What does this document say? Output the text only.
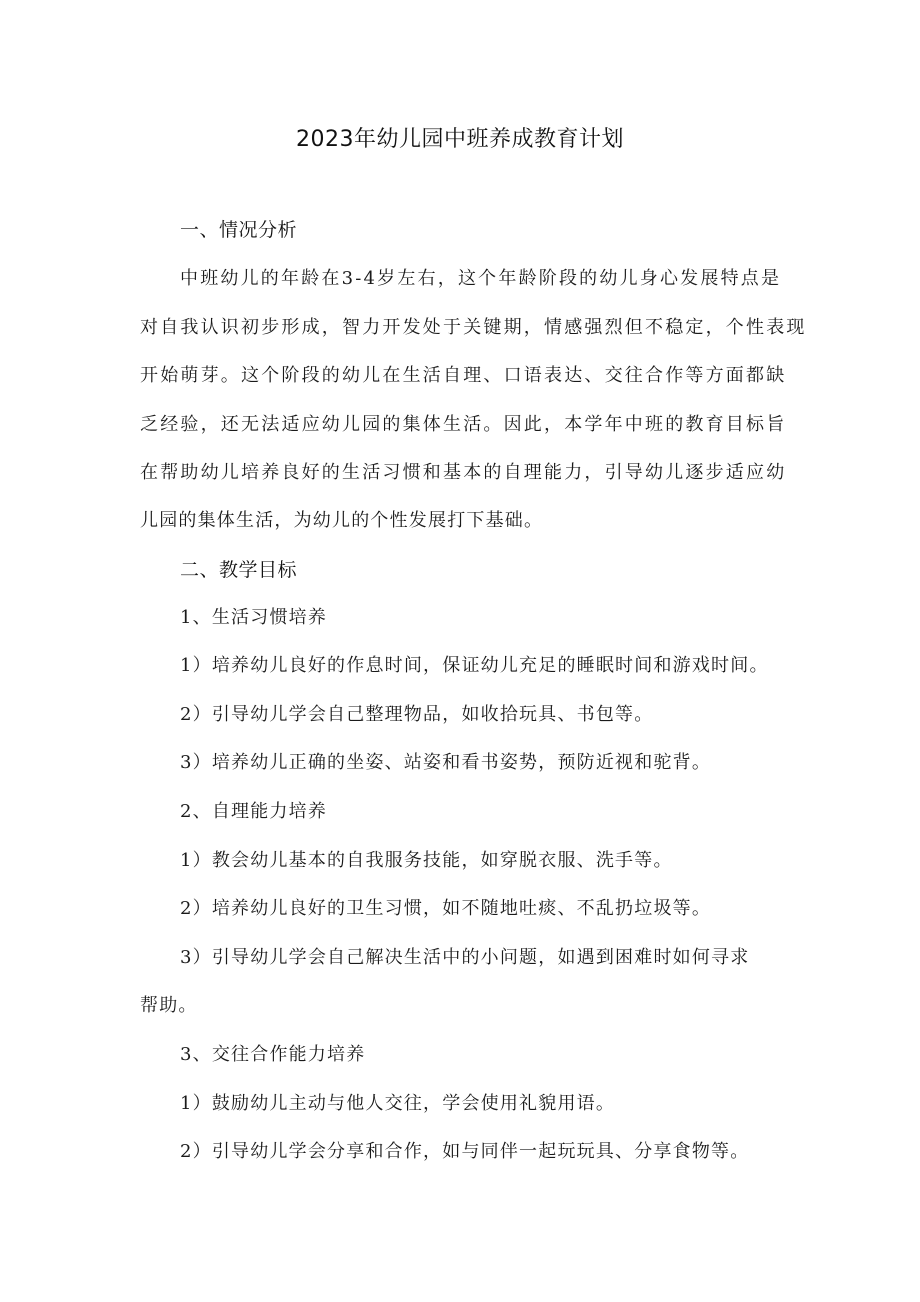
2023年幼儿园中班养成教育计划
一、情况分析
中班幼儿的年龄在3-4岁左右，这个年龄阶段的幼儿身心发展特点是
对自我认识初步形成，智力开发处于关键期，情感强烈但不稳定，个性表现
开始萌芽。这个阶段的幼儿在生活自理、口语表达、交往合作等方面都缺
乏经验，还无法适应幼儿园的集体生活。因此，本学年中班的教育目标旨
在帮助幼儿培养良好的生活习惯和基本的自理能力，引导幼儿逐步适应幼
儿园的集体生活，为幼儿的个性发展打下基础。
二、教学目标
1、生活习惯培养
1）培养幼儿良好的作息时间，保证幼儿充足的睡眠时间和游戏时间。
2）引导幼儿学会自己整理物品，如收拾玩具、书包等。
3）培养幼儿正确的坐姿、站姿和看书姿势，预防近视和驼背。
2、自理能力培养
1）教会幼儿基本的自我服务技能，如穿脱衣服、洗手等。
2）培养幼儿良好的卫生习惯，如不随地吐痰、不乱扔垃圾等。
3）引导幼儿学会自己解决生活中的小问题，如遇到困难时如何寻求
帮助。
3、交往合作能力培养
1）鼓励幼儿主动与他人交往，学会使用礼貌用语。
2）引导幼儿学会分享和合作，如与同伴一起玩玩具、分享食物等。
